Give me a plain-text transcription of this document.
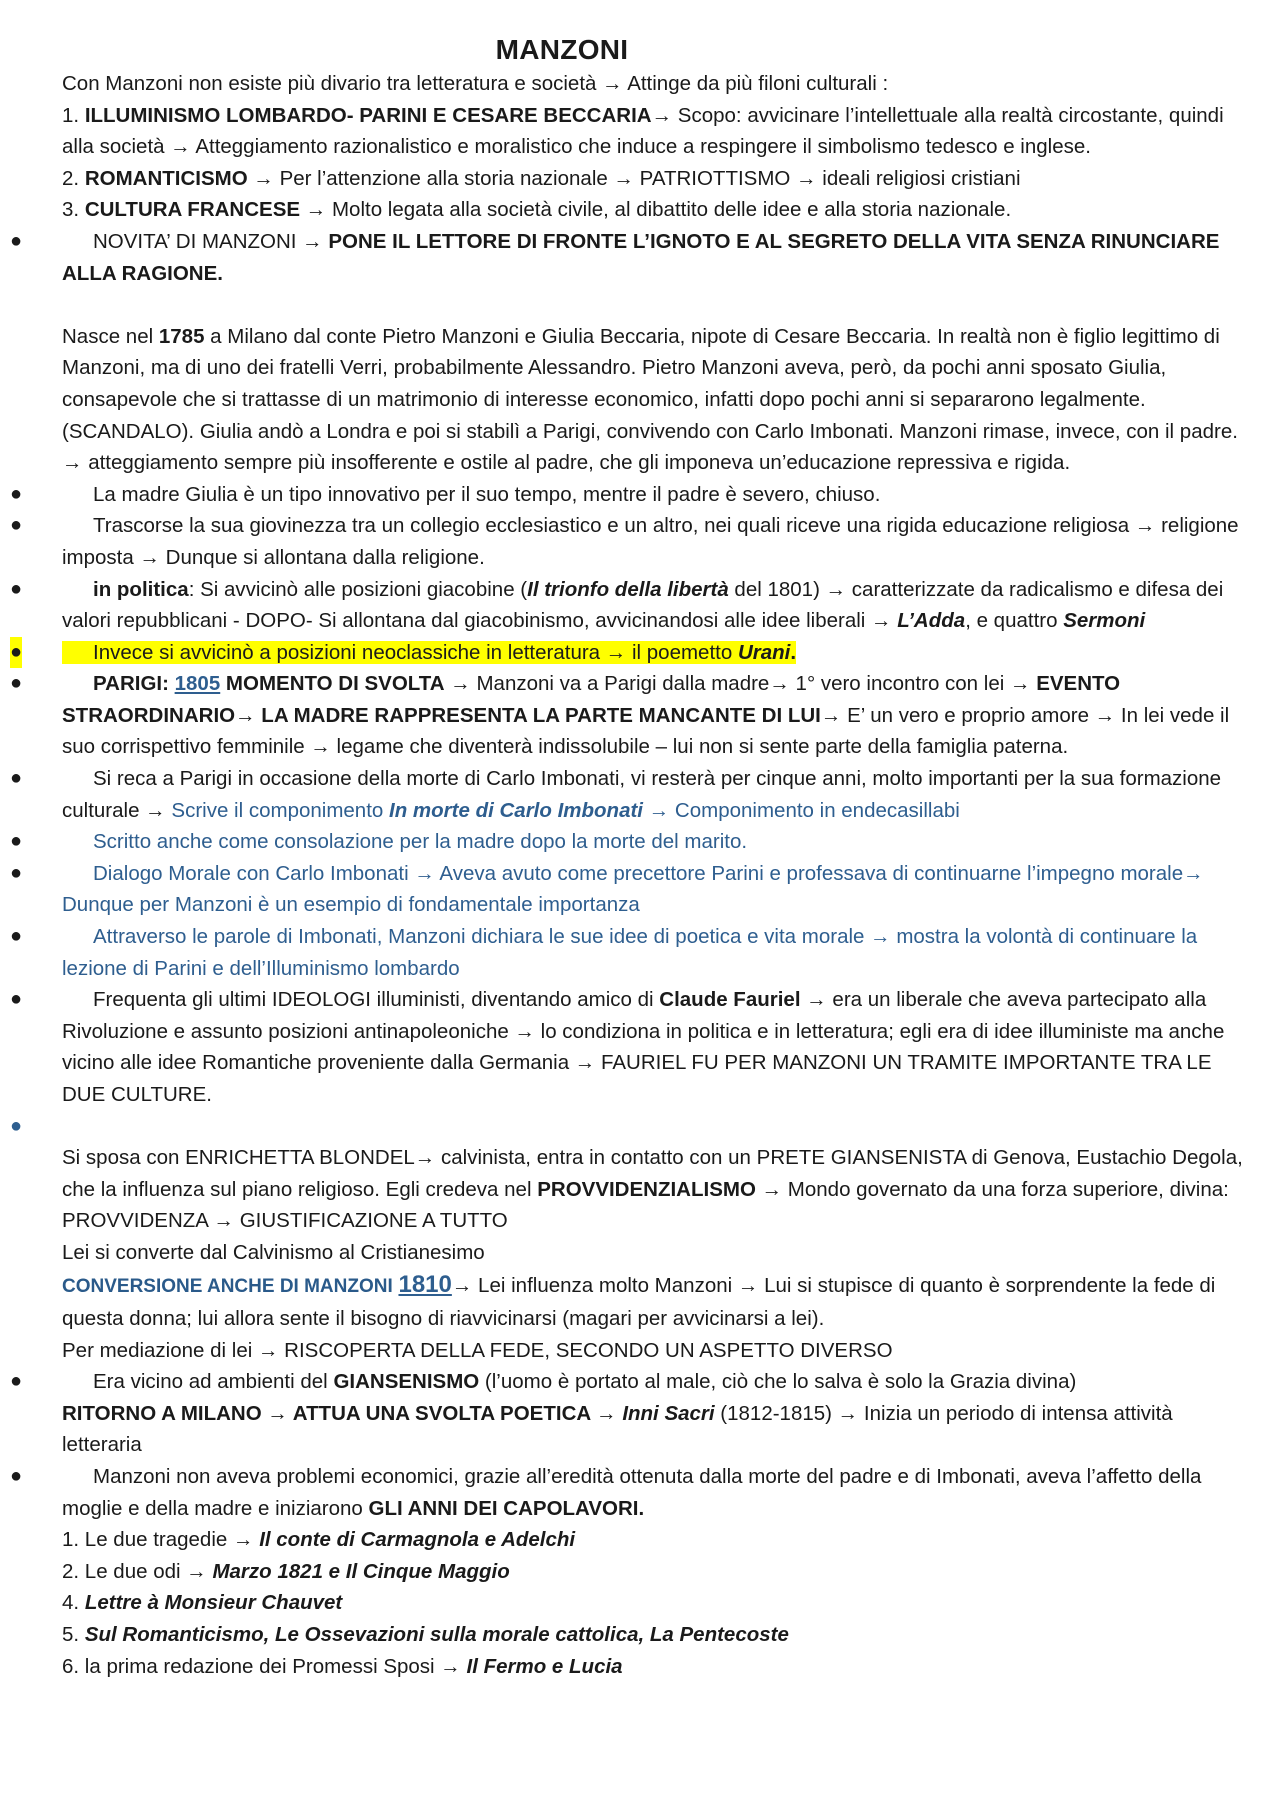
MANZONI

Con Manzoni non esiste più divario tra letteratura e società → Attinge da più filoni culturali :

1. ILLUMINISMO LOMBARDO- PARINI E CESARE BECCARIA→ Scopo: avvicinare l’intellettuale alla realtà circostante, quindi alla società → Atteggiamento razionalistico e moralistico che induce a respingere il simbolismo tedesco e inglese.

2. ROMANTICISMO → Per l’attenzione alla storia nazionale → PATRIOTTISMO → ideali religiosi cristiani

3. CULTURA FRANCESE → Molto legata alla società civile, al dibattito delle idee e alla storia nazionale.

●	NOVITA’ DI MANZONI → PONE IL LETTORE DI FRONTE L’IGNOTO E AL SEGRETO DELLA VITA SENZA RINUNCIARE ALLA RAGIONE.

Nasce nel 1785 a Milano dal conte Pietro Manzoni e Giulia Beccaria, nipote di Cesare Beccaria. In realtà non è figlio legittimo di Manzoni, ma di uno dei fratelli Verri, probabilmente Alessandro. Pietro Manzoni aveva, però, da pochi anni sposato Giulia, consapevole che si trattasse di un matrimonio di interesse economico, infatti dopo pochi anni si separarono legalmente. (SCANDALO). Giulia andò a Londra e poi si stabilì a Parigi, convivendo con Carlo Imbonati. Manzoni rimase, invece, con il padre. → atteggiamento sempre più insofferente e ostile al padre, che gli imponeva un’educazione repressiva e rigida.

●	La madre Giulia è un tipo innovativo per il suo tempo, mentre il padre è severo, chiuso.

●	Trascorse la sua giovinezza tra un collegio ecclesiastico e un altro, nei quali riceve una rigida educazione religiosa → religione imposta → Dunque si allontana dalla religione.

●	in politica: Si avvicinò alle posizioni giacobine (Il trionfo della libertà del 1801) → caratterizzate da radicalismo e difesa dei valori repubblicani - DOPO- Si allontana dal giacobinismo, avvicinandosi alle idee liberali → L’Adda, e quattro Sermoni

●	Invece si avvicinò a posizioni neoclassiche in letteratura → il poemetto Urani.

●	PARIGI: 1805 MOMENTO DI SVOLTA → Manzoni va a Parigi dalla madre→ 1° vero incontro con lei → EVENTO STRAORDINARIO→ LA MADRE RAPPRESENTA LA PARTE MANCANTE DI LUI→ E’ un vero e proprio amore → In lei vede il suo corrispettivo femminile → legame che diventerà indissolubile – lui non si sente parte della famiglia paterna.

●	Si reca a Parigi in occasione della morte di Carlo Imbonati, vi resterà per cinque anni, molto importanti per la sua formazione culturale → Scrive il componimento In morte di Carlo Imbonati → Componimento in endecasillabi

●	Scritto anche come consolazione per la madre dopo la morte del marito.

●	Dialogo Morale con Carlo Imbonati → Aveva avuto come precettore Parini e professava di continuarne l’impegno morale→ Dunque per Manzoni è un esempio di fondamentale importanza

●	Attraverso le parole di Imbonati, Manzoni dichiara le sue idee di poetica e vita morale → mostra la volontà di continuare la lezione di Parini e dell’Illuminismo lombardo

●	Frequenta gli ultimi IDEOLOGI illuministi, diventando amico di Claude Fauriel → era un liberale che aveva partecipato alla Rivoluzione e assunto posizioni antinapoleoniche → lo condiziona in politica e in letteratura; egli era di idee illuministe ma anche vicino alle idee Romantiche proveniente dalla Germania → FAURIEL FU PER MANZONI UN TRAMITE IMPORTANTE TRA LE DUE CULTURE.

●

Si sposa con ENRICHETTA BLONDEL→ calvinista, entra in contatto con un PRETE GIANSENISTA di Genova, Eustachio Degola, che la influenza sul piano religioso. Egli credeva nel PROVVIDENZIALISMO → Mondo governato da una forza superiore, divina: PROVVIDENZA → GIUSTIFICAZIONE A TUTTO

Lei si converte dal Calvinismo al Cristianesimo

CONVERSIONE ANCHE DI MANZONI 1810→ Lei influenza molto Manzoni → Lui si stupisce di quanto è sorprendente la fede di questa donna; lui allora sente il bisogno di riavvicinarsi (magari per avvicinarsi a lei).

Per mediazione di lei → RISCOPERTA DELLA FEDE, SECONDO UN ASPETTO DIVERSO

●	Era vicino ad ambienti del GIANSENISMO (l’uomo è portato al male, ciò che lo salva è solo la Grazia divina)

RITORNO A MILANO → ATTUA UNA SVOLTA POETICA → Inni Sacri (1812-1815) → Inizia un periodo di intensa attività letteraria

●	Manzoni non aveva problemi economici, grazie all’eredità ottenuta dalla morte del padre e di Imbonati, aveva l’affetto della moglie e della madre e iniziarono GLI ANNI DEI CAPOLAVORI.

1. Le due tragedie → Il conte di Carmagnola e Adelchi

2. Le due odi → Marzo 1821 e Il Cinque Maggio

4. Lettre à Monsieur Chauvet

5. Sul Romanticismo, Le Ossevazioni sulla morale cattolica, La Pentecoste

6. la prima redazione dei Promessi Sposi → Il Fermo e Lucia
